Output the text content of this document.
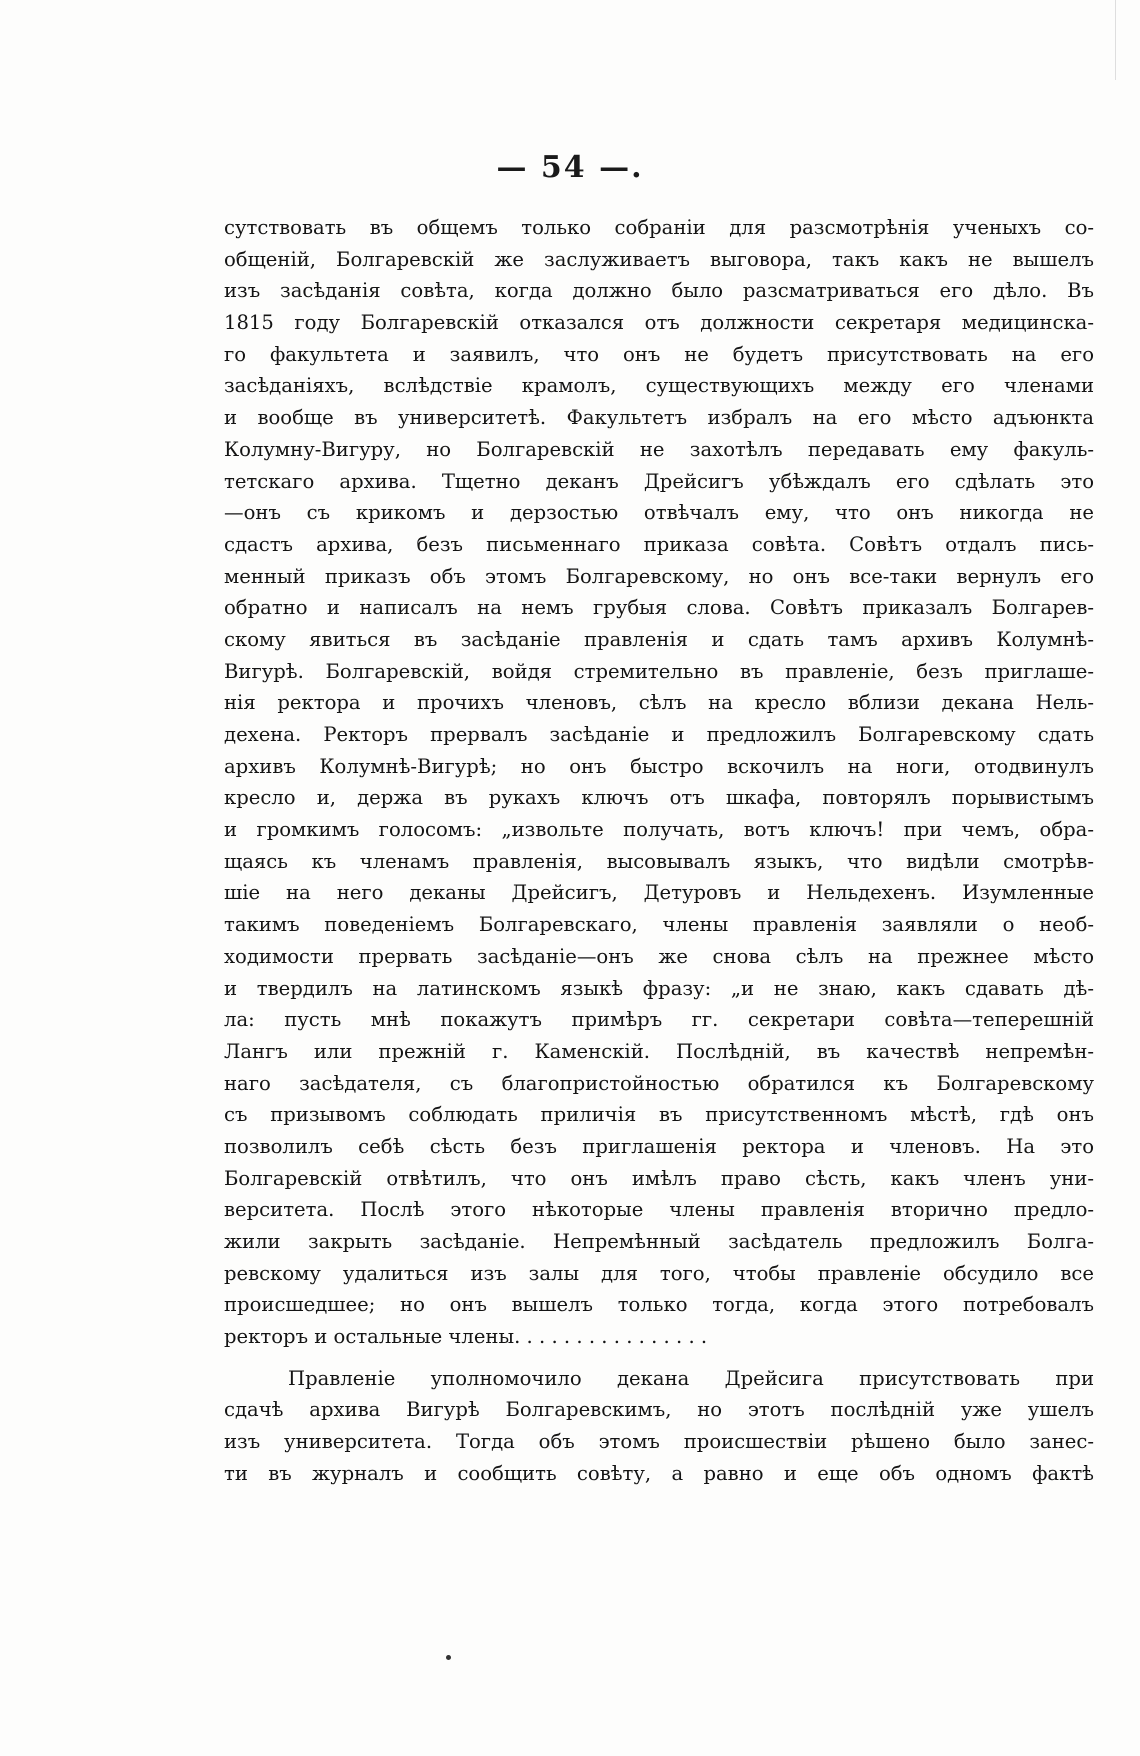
— 54 —.
сутствовать въ общемъ только собраніи для разсмотрѣнія ученыхъ со-
общеній, Болгаревскій же заслуживаетъ выговора, такъ какъ не вышелъ
изъ засѣданія совѣта, когда должно было разсматриваться его дѣло. Въ
1815 году Болгаревскій отказался отъ должности секретаря медицинска-
го факультета и заявилъ, что онъ не будетъ присутствовать на его
засѣданіяхъ, вслѣдствіе крамолъ, существующихъ между его членами
и вообще въ университетѣ. Факультетъ избралъ на его мѣсто адъюнкта
Колумну-Вигуру, но Болгаревскій не захотѣлъ передавать ему факуль-
тетскаго архива. Тщетно деканъ Дрейсигъ убѣждалъ его сдѣлать это
—онъ съ крикомъ и дерзостью отвѣчалъ ему, что онъ никогда не
сдастъ архива, безъ письменнаго приказа совѣта. Совѣтъ отдалъ пись-
менный приказъ объ этомъ Болгаревскому, но онъ все-таки вернулъ его
обратно и написалъ на немъ грубыя слова. Совѣтъ приказалъ Болгарев-
скому явиться въ засѣданіе правленія и сдать тамъ архивъ Колумнѣ-
Вигурѣ. Болгаревскій, войдя стремительно въ правленіе, безъ приглаше-
нія ректора и прочихъ членовъ, сѣлъ на кресло вблизи декана Нель-
дехена. Ректоръ прервалъ засѣданіе и предложилъ Болгаревскому сдать
архивъ Колумнѣ-Вигурѣ; но онъ быстро вскочилъ на ноги, отодвинулъ
кресло и, держа въ рукахъ ключъ отъ шкафа, повторялъ порывистымъ
и громкимъ голосомъ: „извольте получать, вотъ ключъ! при чемъ, обра-
щаясь къ членамъ правленія, высовывалъ языкъ, что видѣли смотрѣв-
шіе на него деканы Дрейсигъ, Детуровъ и Нельдехенъ. Изумленные
такимъ поведеніемъ Болгаревскаго, члены правленія заявляли о необ-
ходимости прервать засѣданіе—онъ же снова сѣлъ на прежнее мѣсто
и твердилъ на латинскомъ языкѣ фразу: „и не знаю, какъ сдавать дѣ-
ла: пусть мнѣ покажутъ примѣръ гг. секретари совѣта—теперешній
Лангъ или прежній г. Каменскій. Послѣдній, въ качествѣ непремѣн-
наго засѣдателя, съ благопристойностью обратился къ Болгаревскому
съ призывомъ соблюдать приличія въ присутственномъ мѣстѣ, гдѣ онъ
позволилъ себѣ сѣсть безъ приглашенія ректора и членовъ. На это
Болгаревскій отвѣтилъ, что онъ имѣлъ право сѣсть, какъ членъ уни-
верситета. Послѣ этого нѣкоторые члены правленія вторично предло-
жили закрыть засѣданіе. Непремѣнный засѣдатель предложилъ Болга-
ревскому удалиться изъ залы для того, чтобы правленіе обсудило все
происшедшее; но онъ вышелъ только тогда, когда этого потребовалъ
ректоръ и остальные члены. . . . . . . . . . . . . . . .
Правленіе уполномочило декана Дрейсига присутствовать при
сдачѣ архива Вигурѣ Болгаревскимъ, но этотъ послѣдній уже ушелъ
изъ университета. Тогда объ этомъ происшествіи рѣшено было занес-
ти въ журналъ и сообщить совѣту, а равно и еще объ одномъ фактѣ
